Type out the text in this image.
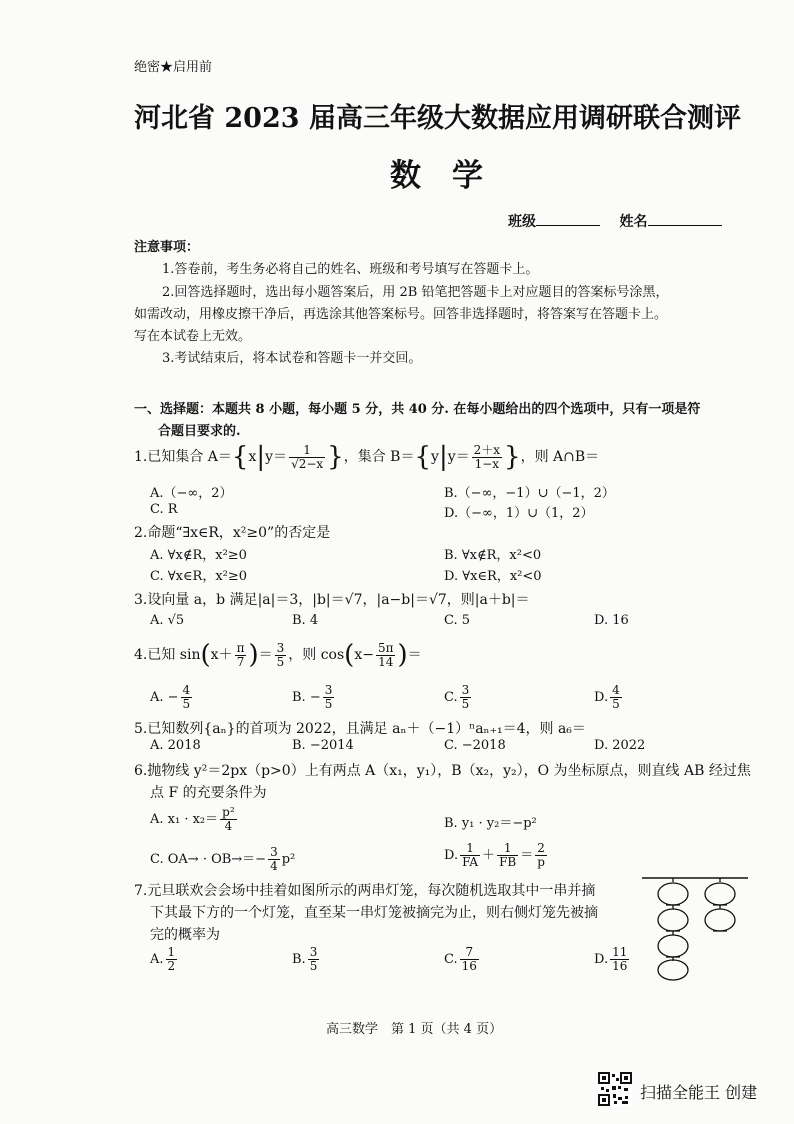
绝密★启用前
河北省 2023 届高三年级大数据应用调研联合测评
数　学
班级	姓名
注意事项：
1.答卷前，考生务必将自己的姓名、班级和考号填写在答题卡上。
2.回答选择题时，选出每小题答案后，用 2B 铅笔把答题卡上对应题目的答案标号涂黑，
如需改动，用橡皮擦干净后，再选涂其他答案标号。回答非选择题时，将答案写在答题卡上。
写在本试卷上无效。
3.考试结束后，将本试卷和答题卡一并交回。
一、选择题：本题共 8 小题，每小题 5 分，共 40 分. 在每小题给出的四个选项中，只有一项是符
合题目要求的.
1.已知集合 $A=\{x|y= \frac{1}{√2-x}$ }，集合 $B=\{y|y= \frac{2+x}{1-x}$ }，则 A∩B＝
A.（−∞，2）	B.（−∞，−1）∪（−1，2）
C. R	D.（−∞，1）∪（1，2）
2.命题“∃x∈R，x²≥0”的否定是
A. ∀x∉R，x²≥0	B. ∀x∉R，x²<0
C. ∀x∈R，x²≥0	D. ∀x∈R，x²<0
3.设向量 a，b 满足|a|＝3，|b|＝√7，|a−b|＝√7，则|a＋b|＝
A. √5	B. 4	C. 5	D. 16
4.已知 $\sin(x+ \frac{\pi}{7}$ )＝ $\frac{3}{5}$ ，则 $\cos(x- \frac{5\pi}{14}$ )＝
A. − $\frac{4}{5}$	B. − $\frac{3}{5}$	C. $\frac{3}{5}$	D. $\frac{4}{5}$
5.已知数列{aₙ}的首项为 2022，且满足 aₙ＋（−1）ⁿaₙ₊₁＝4，则 a₆＝
A. 2018	B. −2014	C. −2018	D. 2022
6.抛物线 y²＝2px（p>0）上有两点 A（x₁，y₁），B（x₂，y₂），O 为坐标原点，则直线 AB 经过焦
点 F 的充要条件为
A. $x_1 \cdot x_2= \frac{\text{p²}}{4}$	B. y₁ · y₂＝−p²
C. $OA\to \cdot OB\to=- \frac{3}{4} p^2$	D. $\frac{1}{FA} + \frac{1}{FB} = \frac{2}{p}$
7.元旦联欢会会场中挂着如图所示的两串灯笼，每次随机选取其中一串并摘
下其最下方的一个灯笼，直至某一串灯笼被摘完为止，则右侧灯笼先被摘
完的概率为
A. $\frac{1}{2}$	B. $\frac{3}{5}$	C. $\frac{7}{16}$	D. $\frac{11}{16}$
高三数学　第 1 页（共 4 页）
扫描全能王 创建
